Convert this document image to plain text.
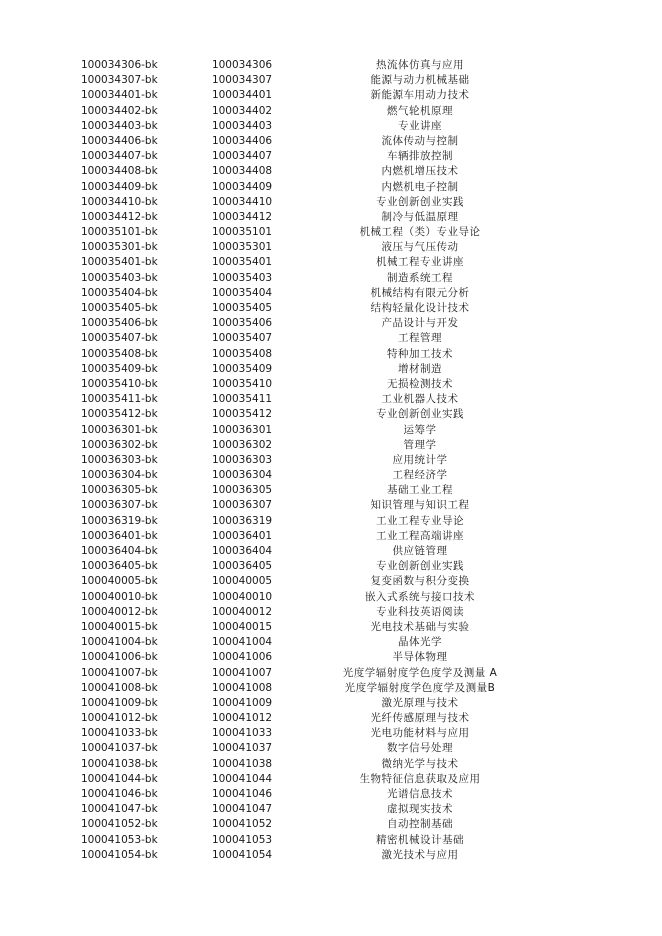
100034306-bk	100034306	热流体仿真与应用
100034307-bk	100034307	能源与动力机械基础
100034401-bk	100034401	新能源车用动力技术
100034402-bk	100034402	燃气轮机原理
100034403-bk	100034403	专业讲座
100034406-bk	100034406	流体传动与控制
100034407-bk	100034407	车辆排放控制
100034408-bk	100034408	内燃机增压技术
100034409-bk	100034409	内燃机电子控制
100034410-bk	100034410	专业创新创业实践
100034412-bk	100034412	制冷与低温原理
100035101-bk	100035101	机械工程（类）专业导论
100035301-bk	100035301	液压与气压传动
100035401-bk	100035401	机械工程专业讲座
100035403-bk	100035403	制造系统工程
100035404-bk	100035404	机械结构有限元分析
100035405-bk	100035405	结构轻量化设计技术
100035406-bk	100035406	产品设计与开发
100035407-bk	100035407	工程管理
100035408-bk	100035408	特种加工技术
100035409-bk	100035409	增材制造
100035410-bk	100035410	无损检测技术
100035411-bk	100035411	工业机器人技术
100035412-bk	100035412	专业创新创业实践
100036301-bk	100036301	运筹学
100036302-bk	100036302	管理学
100036303-bk	100036303	应用统计学
100036304-bk	100036304	工程经济学
100036305-bk	100036305	基础工业工程
100036307-bk	100036307	知识管理与知识工程
100036319-bk	100036319	工业工程专业导论
100036401-bk	100036401	工业工程高端讲座
100036404-bk	100036404	供应链管理
100036405-bk	100036405	专业创新创业实践
100040005-bk	100040005	复变函数与积分变换
100040010-bk	100040010	嵌入式系统与接口技术
100040012-bk	100040012	专业科技英语阅读
100040015-bk	100040015	光电技术基础与实验
100041004-bk	100041004	晶体光学
100041006-bk	100041006	半导体物理
100041007-bk	100041007	光度学辐射度学色度学及测量 A
100041008-bk	100041008	光度学辐射度学色度学及测量B
100041009-bk	100041009	激光原理与技术
100041012-bk	100041012	光纤传感原理与技术
100041033-bk	100041033	光电功能材料与应用
100041037-bk	100041037	数字信号处理
100041038-bk	100041038	微纳光学与技术
100041044-bk	100041044	生物特征信息获取及应用
100041046-bk	100041046	光谱信息技术
100041047-bk	100041047	虚拟现实技术
100041052-bk	100041052	自动控制基础
100041053-bk	100041053	精密机械设计基础
100041054-bk	100041054	激光技术与应用
